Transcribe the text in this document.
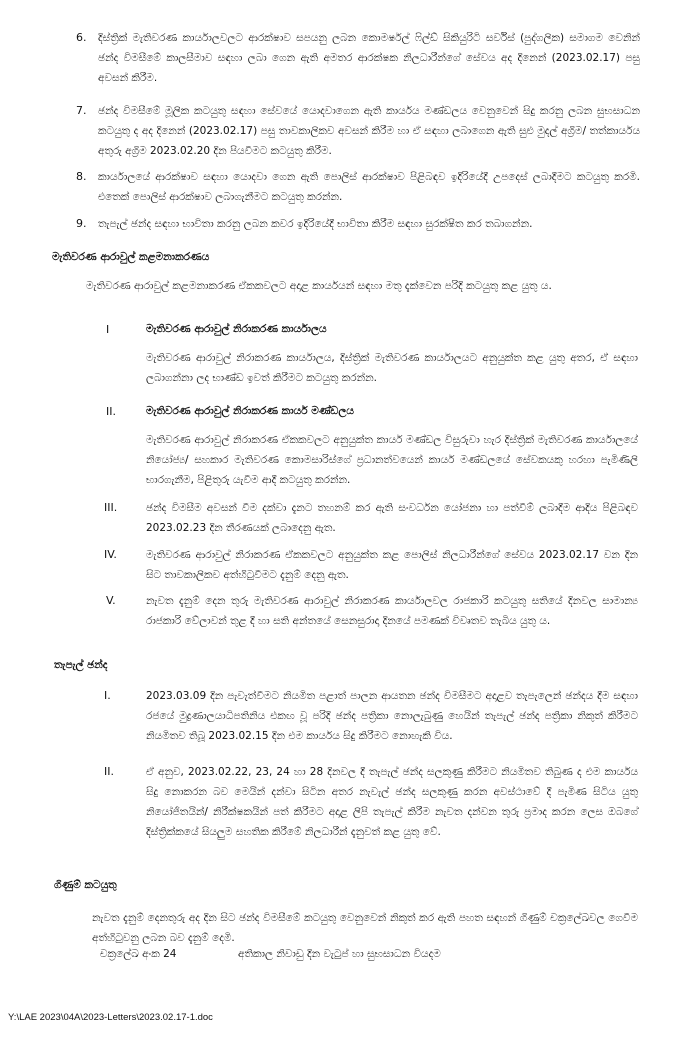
6. දිස්ත්‍රික් මැතිවරණ කාර්යාලවලට ආරක්ෂාව සපයනු ලබන කොමර්ෂල් ෆිල්ඩ් සිකියුරිටි සර්විස් (පුද්ගලික) සමාගම වෙනින් ඡන්ද විමසීමේ කාලසීමාව සඳහා ලබා ගෙන ඇති අමතර ආරක්ෂක නිලධාරීන්ගේ සේවය අද දිනෙන් (2023.02.17) පසු අවසන් කිරීම.
7. ඡන්ද විමසීමේ මූලික කටයුතු සඳහා සේවයේ යොදවාගෙන ඇති කාර්යය මණ්ඩලය වෙනුවෙන් සිදු කරනු ලබන සුභසාධන කටයුතු ද අද දිනෙන් (2023.02.17) පසු තාවකාලිකව අවසන් කිරීම හා ඒ සඳහා ලබාගෙන ඇති සුළු මුදල් අග්‍රිම/ තත්කාර්යය අතුරු අග්‍රිම 2023.02.20 දින පියවීමට කටයුතු කිරීම.
8. කාර්යාලයේ ආරක්ෂාව සඳහා යොදවා ගෙන ඇති පොලිස් ආරක්ෂාව පිළිබඳව ඉදිරියේදී උපදෙස් ලබාදීමට කටයුතු කරමි. එතෙක් පොලිස් ආරක්ෂාව ලබාගැනීමට කටයුතු කරන්න.
9. තැපැල් ඡන්ද සඳහා භාවිතා කරනු ලබන කවර ඉදිරියේදී භාවිතා කිරීම සඳහා සුරක්ෂිත කර තබාගන්න.
මැතිවරණ ආරාවුල් කළමනාකරණය
මැතිවරණ ආරාවුල් කළමනාකරණ ඒකකවලට අදාළ කාර්යයන් සඳහා මතු දැක්වෙන පරිදි කටයුතු කළ යුතු ය.
I	මැතිවරණ ආරාවුල් නිරාකරණ කාර්යාලය
මැතිවරණ ආරාවුල් නිරාකරණ කාර්යාලය, දිස්ත්‍රික් මැතිවරණ කාර්යාලයට අනුයුක්ත කළ යුතු අතර, ඒ සඳහා ලබාගන්නා ලද භාණ්ඩ ඉවත් කිරීමට කටයුතු කරන්න.
II.	මැතිවරණ ආරාවුල් නිරාකරණ කාර්ය මණ්ඩලය
මැතිවරණ ආරාවුල් නිරාකරණ ඒකකවලට අනුයුක්ත කාර්ය මණ්ඩල විසුරුවා හැර දිස්ත්‍රික් මැතිවරණ කාර්යාලයේ නියෝජ්‍ය/ සහකාර මැතිවරණ කොමසාරිස්ගේ ප්‍රධානත්වයෙන් කාර්ය මණ්ඩලයේ සේවකයකු හරහා පැමිණිලි භාරගැනීම, පිළිතුරු යැවීම ආදී කටයුතු කරන්න.
III.	ඡන්ද විමසීම අවසන් වීම දක්වා දැනට තහනම් කර ඇති සංවර්ධන යෝජනා හා පත්වීම් ලබාදීම ආදිය පිළිබඳව 2023.02.23 දින තීරණයක් ලබාදෙනු ඇත.
IV.	මැතිවරණ ආරාවුල් නිරාකරණ ඒකකවලට අනුයුක්ත කළ පොලිස් නිලධාරීන්ගේ සේවය 2023.02.17 වන දින සිට තාවකාලිකව අත්හිටුවීමට දැනුම් දෙනු ඇත.
V.	නැවත දැනුම් දෙන තුරු මැතිවරණ ආරාවුල් නිරාකරණ කාර්යාලවල රාජකාරි කටයුතු සතියේ දිනවල සාමාන්‍ය රාජකාරි වේලාවන් තුළ දී හා සති අන්තයේ සෙනසුරාදා දිනයේ පමණක් විවෘතව තැබිය යුතු ය.
තැපැල් ඡන්ද
I.	2023.03.09 දින පැවැත්වීමට නියමිත පළාත් පාලන ආයතන ඡන්ද විමසීමට අදාළව තැපැලෙන් ඡන්දය දීම සඳහා රජයේ මුද්‍රණාලයාධිපතිනිය එකඟ වූ පරිදි ඡන්ද පත්‍රිකා නොලැබුණු හෙයින් තැපැල් ඡන්ද පත්‍රිකා නිකුත් කිරීමට නියමිතව තිබූ 2023.02.15 දින එම කාර්යය සිදු කිරීමට නොහැකි විය.
II.	ඒ අනුව, 2023.02.22, 23, 24 හා 28 දිනවල දී තැපැල් ඡන්ද සලකුණු කිරීමට නියමිතව තිබුණ ද එම කාර්යය සිදු නොකරන බව මෙයින් දන්වා සිටින අතර නැවැල් ඡන්ද සලකුණු කරන අවස්ථාවේ දී පැමිණ සිටිය යුතු නියෝජිතයින්/ නිරීක්ෂකයින් පත් කිරීමට අදාළ ලිපි තැපැල් කිරීම නැවත දන්වන තුරු ප්‍රමාද කරන ලෙස ඔබගේ දිස්ත්‍රික්කයේ සියලුම සහතික කිරීමේ නිලධාරීන් දැනුවත් කළ යුතු වේ.
ගිණුම් කටයුතු
නැවත දැනුම් දෙනතුරු අද දින සිට ඡන්ද විමසීමේ කටයුතු වෙනුවෙන් නිකුත් කර ඇති පහත සඳහන් ගිණුම් චක්‍රලේඛවල ගෙවීම අත්හිටුවනු ලබන බව දැනුම් දෙමි.
චක්‍රලේඛ අංක 24	අතිකාල නිවාඩු දින වැටුප් හා සුභසාධන වියදම
Y:\LAE 2023\04A\2023-Letters\2023.02.17-1.doc
